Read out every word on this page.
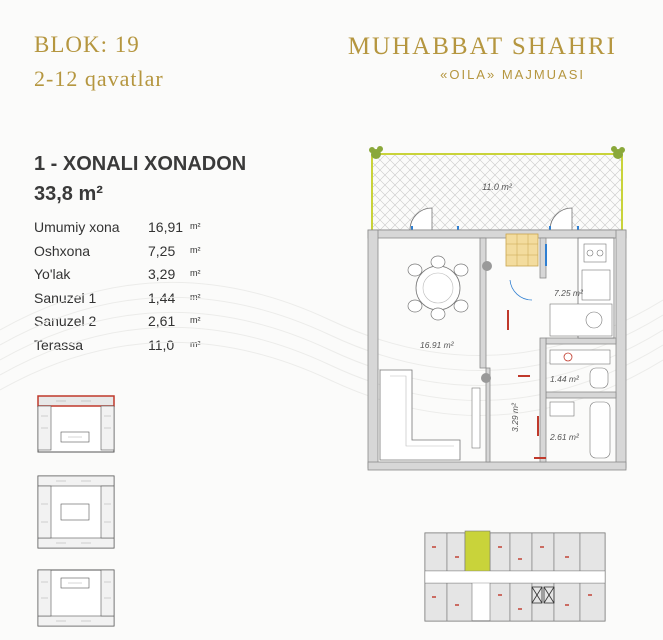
BLOK: 19
2-12 qavatlar
MUHABBAT SHAHRI
«OILA» MAJMUASI
1 - XONALI XONADON
33,8 m²
Umumiy xona 16,91 m²
Oshxona	7,25 m²
Yo'lak	3,29 m²
Sanuzel 1	1,44 m²
Sanuzel 2	2,61 m²
Terassa	11,0 m²
11.0 m²
7.25 m²
16.91 m²
1.44 m²
2.61 m²
3.29 m²
